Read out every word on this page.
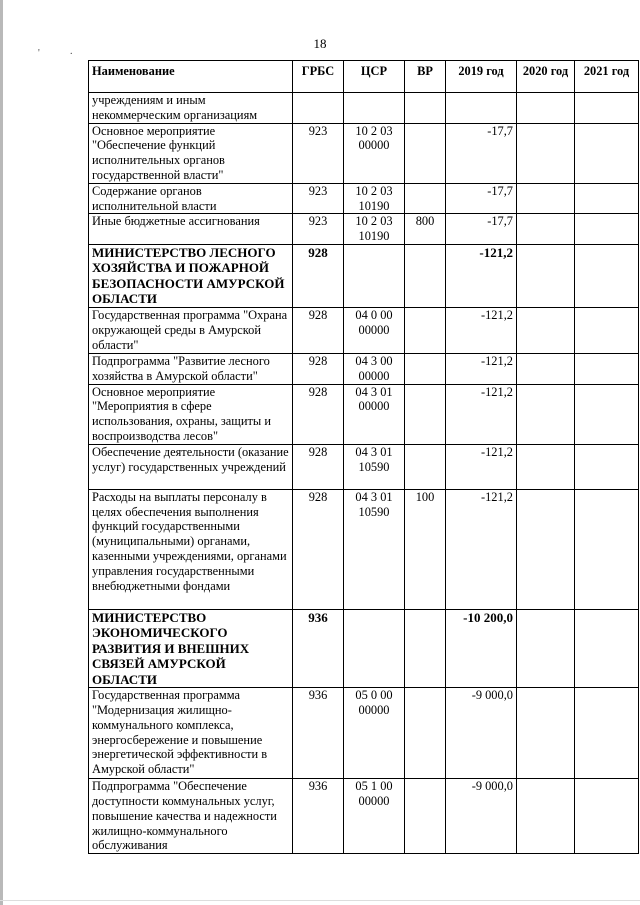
'	.
18
Наименование	ГРБС	ЦСР	ВР	2019 год	2020 год	2021 год
учреждениям и иным некоммерческим организациям						
Основное мероприятие "Обеспечение функций исполнительных органов государственной власти"	923	10 2 03 00000		-17,7		
Содержание органов исполнительной власти	923	10 2 03 10190		-17,7		
Иные бюджетные ассигнования	923	10 2 03 10190	800	-17,7		
МИНИСТЕРСТВО ЛЕСНОГО ХОЗЯЙСТВА И ПОЖАРНОЙ БЕЗОПАСНОСТИ АМУРСКОЙ ОБЛАСТИ	928			-121,2		
Государственная программа "Охрана окружающей среды в Амурской области"	928	04 0 00 00000		-121,2		
Подпрограмма "Развитие лесного хозяйства в Амурской области"	928	04 3 00 00000		-121,2		
Основное мероприятие "Мероприятия в сфере использования, охраны, защиты и воспроизводства лесов"	928	04 3 01 00000		-121,2		
Обеспечение деятельности (оказание услуг) государственных учреждений	928	04 3 01 10590		-121,2		
Расходы на выплаты персоналу в целях обеспечения выполнения функций государственными (муниципальными) органами, казенными учреждениями, органами управления государственными внебюджетными фондами	928	04 3 01 10590	100	-121,2		
МИНИСТЕРСТВО ЭКОНОМИЧЕСКОГО РАЗВИТИЯ И ВНЕШНИХ СВЯЗЕЙ АМУРСКОЙ ОБЛАСТИ	936			-10 200,0		
Государственная программа "Модернизация жилищно-коммунального комплекса, энергосбережение и повышение энергетической эффективности в Амурской области"	936	05 0 00 00000		-9 000,0		
Подпрограмма "Обеспечение доступности коммунальных услуг, повышение качества и надежности жилищно-коммунального обслуживания	936	05 1 00 00000		-9 000,0		
